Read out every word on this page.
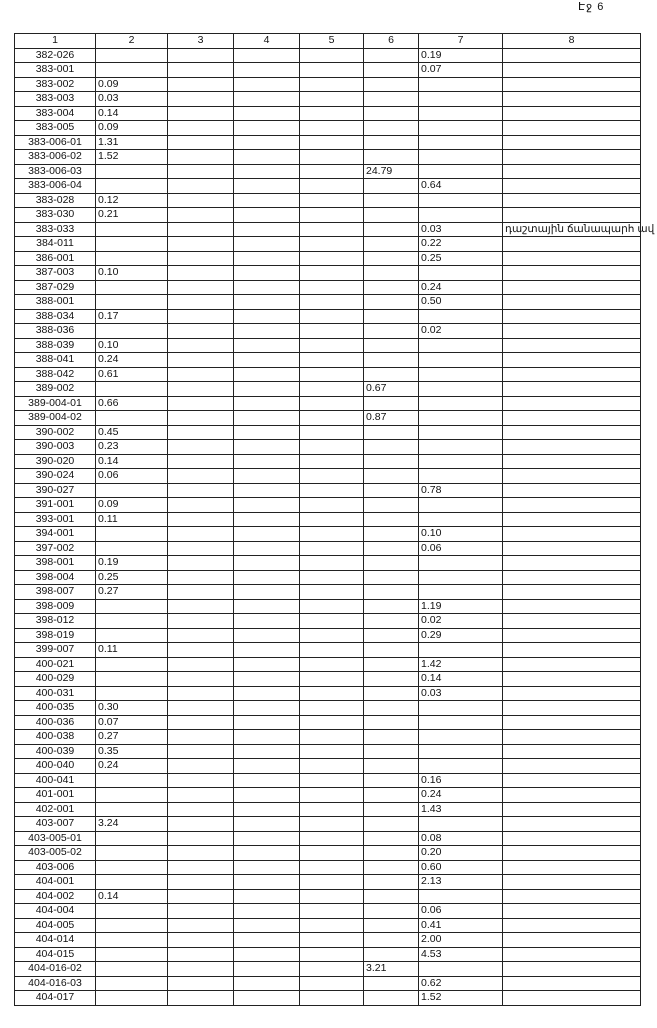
Էջ 6
1	2	3	4	5	6	7	8
382-026						0.19	
383-001						0.07	
383-002	0.09						
383-003	0.03						
383-004	0.14						
383-005	0.09						
383-006-01	1.31						
383-006-02	1.52						
383-006-03					24.79		
383-006-04						0.64	
383-028	0.12						
383-030	0.21						
383-033						0.03	դաշտային ճանապարհ ավ
384-011						0.22	
386-001						0.25	
387-003	0.10						
387-029						0.24	
388-001						0.50	
388-034	0.17						
388-036						0.02	
388-039	0.10						
388-041	0.24						
388-042	0.61						
389-002					0.67		
389-004-01	0.66						
389-004-02					0.87		
390-002	0.45						
390-003	0.23						
390-020	0.14						
390-024	0.06						
390-027						0.78	
391-001	0.09						
393-001	0.11						
394-001						0.10	
397-002						0.06	
398-001	0.19						
398-004	0.25						
398-007	0.27						
398-009						1.19	
398-012						0.02	
398-019						0.29	
399-007	0.11						
400-021						1.42	
400-029						0.14	
400-031						0.03	
400-035	0.30						
400-036	0.07						
400-038	0.27						
400-039	0.35						
400-040	0.24						
400-041						0.16	
401-001						0.24	
402-001						1.43	
403-007	3.24						
403-005-01						0.08	
403-005-02						0.20	
403-006						0.60	
404-001						2.13	
404-002	0.14						
404-004						0.06	
404-005						0.41	
404-014						2.00	
404-015						4.53	
404-016-02					3.21		
404-016-03						0.62	
404-017						1.52	
